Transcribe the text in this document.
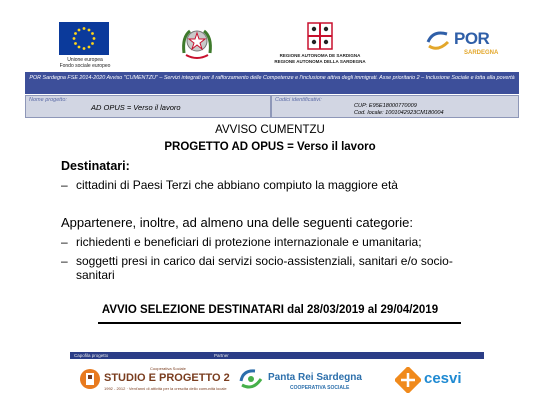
Unione europea
Fondo sociale europeo
REGIONE AUTONOMA DE SARDIGNA
REGIONE AUTONOMA DELLA SARDEGNA
POR
SARDEGNA
POR Sardegna FSE 2014-2020 Avviso "CUMENTZU" – Servizi integrati per il rafforzamento delle Competenze e l'inclusione attiva degli immigrati. Asse prioritario 2 – Inclusione Sociale e lotta alla povertà
Nome progetto:
AD OPUS = Verso il lavoro
Codici identificativi:
CUP: E95E18000770009
Cod. locale: 1001042923CM180004
AVVISO CUMENTZU
PROGETTO AD OPUS = Verso il lavoro
Destinatari:
– cittadini di Paesi Terzi che abbiano compiuto la maggiore età
Appartenere, inoltre, ad almeno una delle seguenti categorie:
– richiedenti e beneficiari di protezione internazionale e umanitaria;
– soggetti presi in carico dai servizi socio-assistenziali, sanitari e/o socio-
sanitari
AVVIO SELEZIONE DESTINATARI dal 28/03/2019 al 29/04/2019
Capofila progetto	Partner
Cooperativa Sociale
STUDIO E PROGETTO 2
1992 - 2012 · Vent'anni di attività per la crescita dello comunità locale
Panta Rei Sardegna
COOPERATIVA SOCIALE
cesvi
